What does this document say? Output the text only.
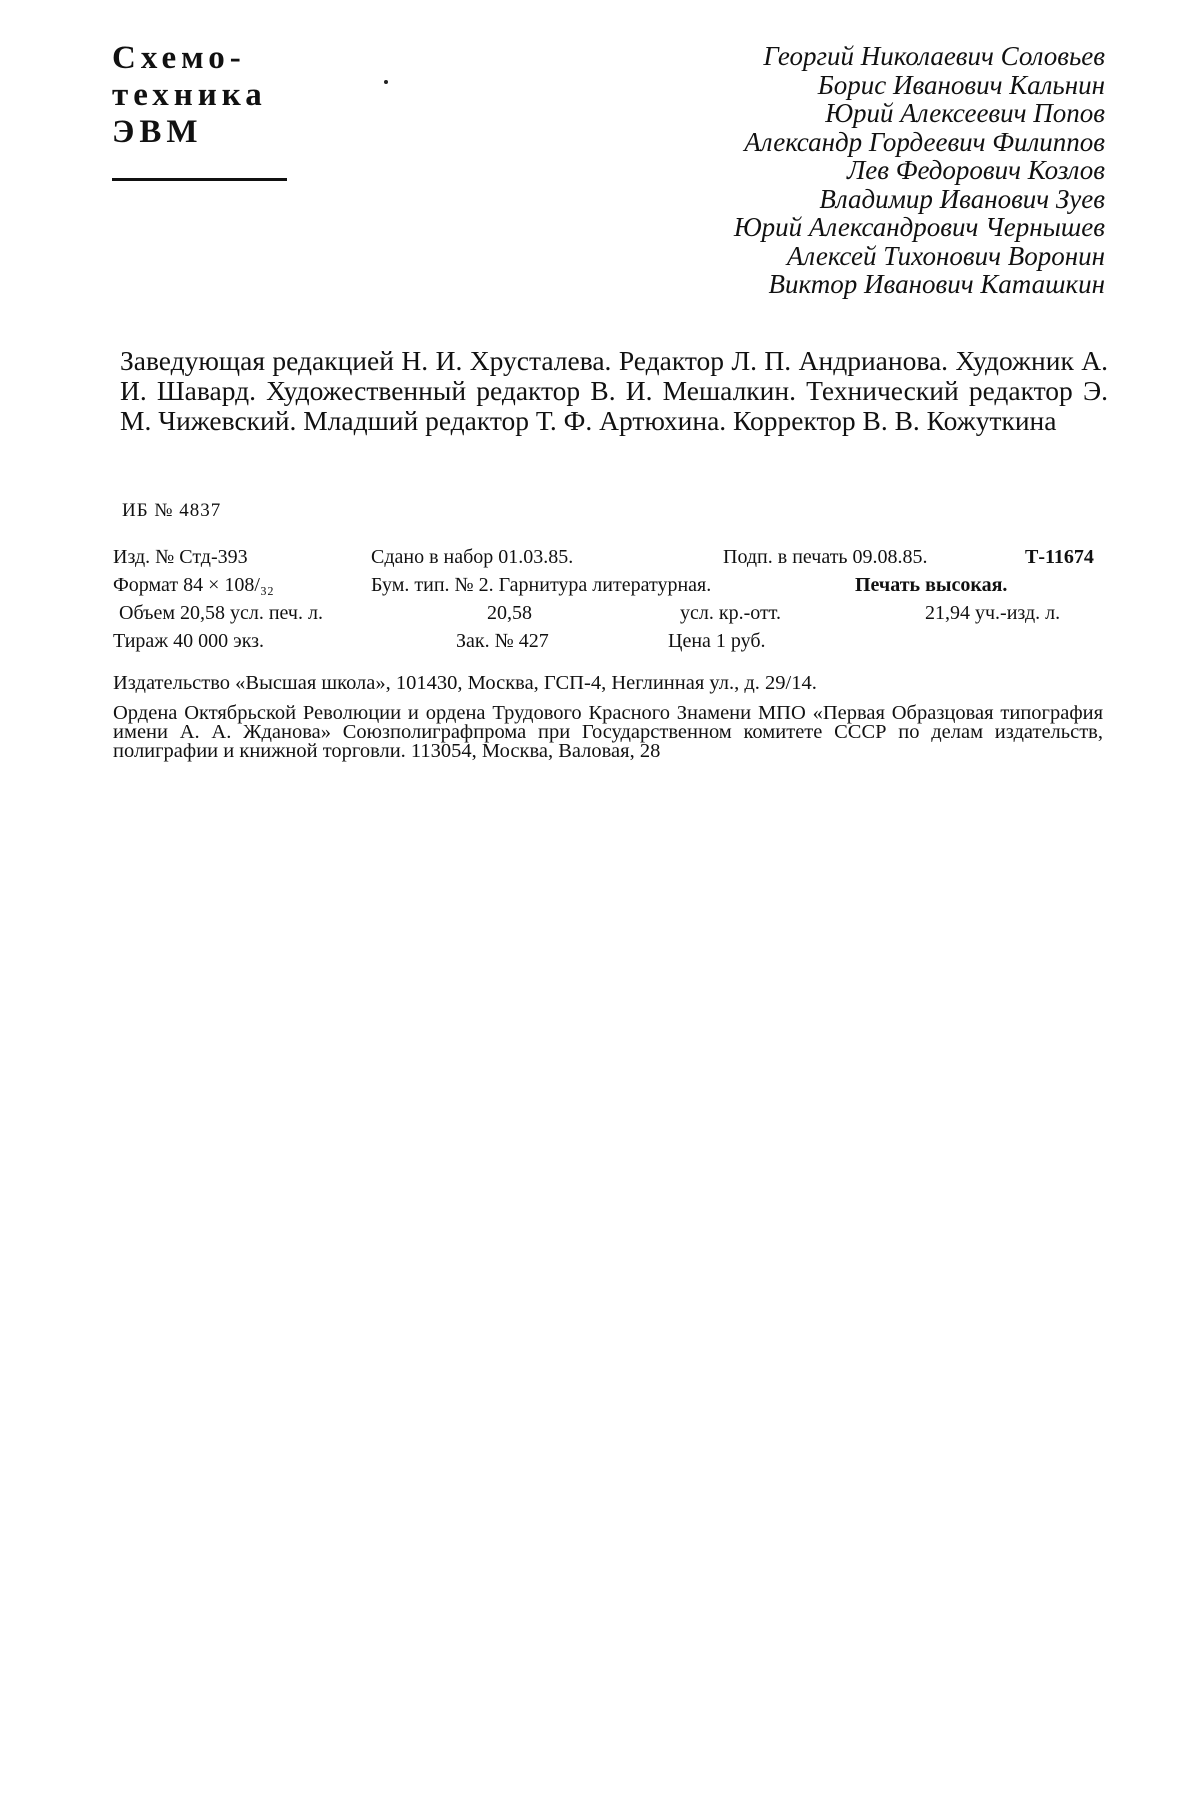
Схемо-
техника
ЭВМ
Георгий Николаевич Соловьев
Борис Иванович Кальнин
Юрий Алексеевич Попов
Александр Гордеевич Филиппов
Лев Федорович Козлов
Владимир Иванович Зуев
Юрий Александрович Чернышев
Алексей Тихонович Воронин
Виктор Иванович Каташкин
Заведующая редакцией Н. И. Хрусталева. Редактор Л. П. Андрианова. Художник А. И. Шавард. Художественный редактор В. И. Мешалкин. Технический редактор Э. М. Чижевский. Младший редактор Т. Ф. Артюхина. Корректор В. В. Кожуткина
ИБ № 4837
Изд. № Стд-393	Сдано в набор 01.03.85.	Подп. в печать 09.08.85.	Т-11674
Формат 84 × 108/₃₂	Бум. тип. № 2. Гарнитура литературная.	Печать высокая.
Объем 20,58 усл. печ. л.	20,58	усл. кр.-отт.	21,94 уч.-изд. л.
Тираж 40 000 экз.	Зак. № 427	Цена 1 руб.
Издательство «Высшая школа», 101430, Москва, ГСП-4, Неглинная ул., д. 29/14.
Ордена Октябрьской Революции и ордена Трудового Красного Знамени МПО «Первая Образцовая типография имени А. А. Жданова» Союзполиграфпрома при Государственном комитете СССР по делам издательств, полиграфии и книжной торговли. 113054, Москва, Валовая, 28
